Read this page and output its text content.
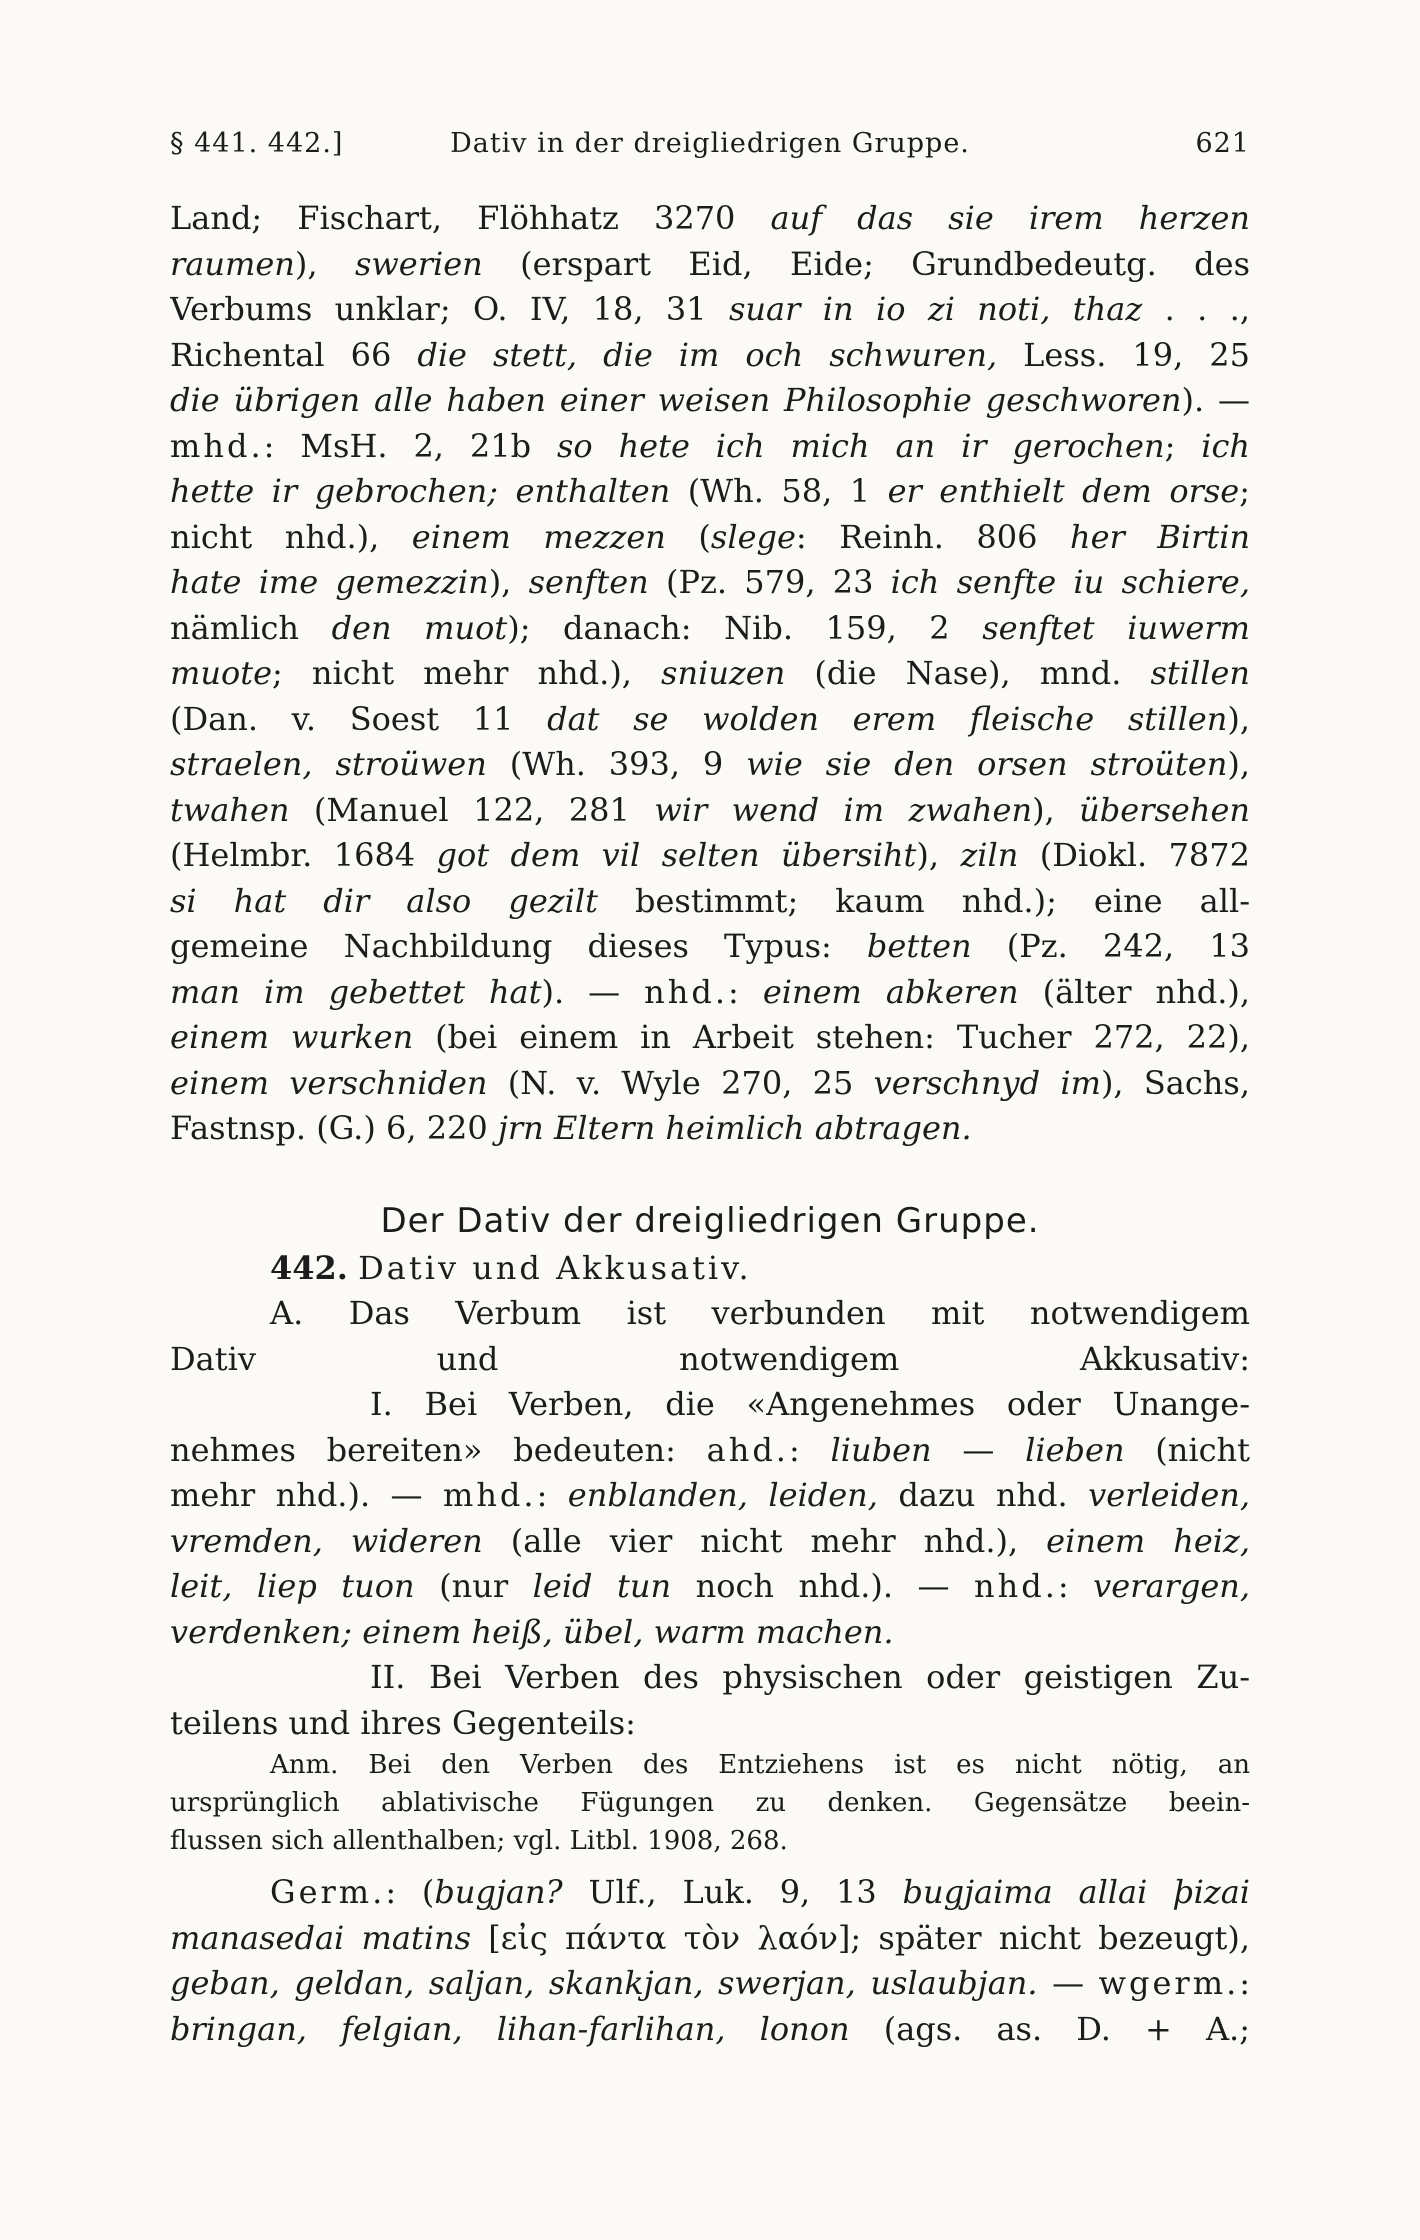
§ 441. 442.]	Dativ in der dreigliedrigen Gruppe.	621
Land; Fischart, Flöhhatz 3270 auf das sie irem herzen
raumen), swerien (erspart Eid, Eide; Grundbedeutg. des
Verbums unklar; O. IV, 18, 31 suar in io zi noti, thaz . . .,
Richental 66 die stett, die im och schwuren, Less. 19, 25
die übrigen alle haben einer weisen Philosophie geschworen). —
mhd.: MsH. 2, 21b so hete ich mich an ir gerochen; ich
hette ir gebrochen; enthalten (Wh. 58, 1 er enthielt dem orse;
nicht nhd.), einem mezzen (slege: Reinh. 806 her Birtin
hate ime gemezzin), senften (Pz. 579, 23 ich senfte iu schiere,
nämlich den muot); danach: Nib. 159, 2 senftet iuwerm
muote; nicht mehr nhd.), sniuzen (die Nase), mnd. stillen
(Dan. v. Soest 11 dat se wolden erem fleische stillen),
straelen, stroüwen (Wh. 393, 9 wie sie den orsen stroüten),
twahen (Manuel 122, 281 wir wend im zwahen), übersehen
(Helmbr. 1684 got dem vil selten übersiht), ziln (Diokl. 7872
si hat dir also gezilt bestimmt; kaum nhd.); eine all-
gemeine Nachbildung dieses Typus: betten (Pz. 242, 13
man im gebettet hat). — nhd.: einem abkeren (älter nhd.),
einem wurken (bei einem in Arbeit stehen: Tucher 272, 22),
einem verschniden (N. v. Wyle 270, 25 verschnyd im), Sachs,
Fastnsp. (G.) 6, 220 jrn Eltern heimlich abtragen.
Der Dativ der dreigliedrigen Gruppe.
442. Dativ und Akkusativ.
A. Das Verbum ist verbunden mit notwendigem
Dativ und notwendigem Akkusativ:
I. Bei Verben, die «Angenehmes oder Unange-
nehmes bereiten» bedeuten: ahd.: liuben — lieben (nicht
mehr nhd.). — mhd.: enblanden, leiden, dazu nhd. verleiden,
vremden, wideren (alle vier nicht mehr nhd.), einem heiz,
leit, liep tuon (nur leid tun noch nhd.). — nhd.: verargen,
verdenken; einem heiß, übel, warm machen.
II. Bei Verben des physischen oder geistigen Zu-
teilens und ihres Gegenteils:
Anm. Bei den Verben des Entziehens ist es nicht nötig, an
ursprünglich ablativische Fügungen zu denken. Gegensätze beein-
flussen sich allenthalben; vgl. Litbl. 1908, 268.
Germ.: (bugjan? Ulf., Luk. 9, 13 bugjaima allai þizai
manasedai matins [εἰς πάντα τὸν λαόν]; später nicht bezeugt),
geban, geldan, saljan, skankjan, swerjan, uslaubjan. — wgerm.:
bringan, felgian, lihan-farlihan, lonon (ags. as. D. + A.;
